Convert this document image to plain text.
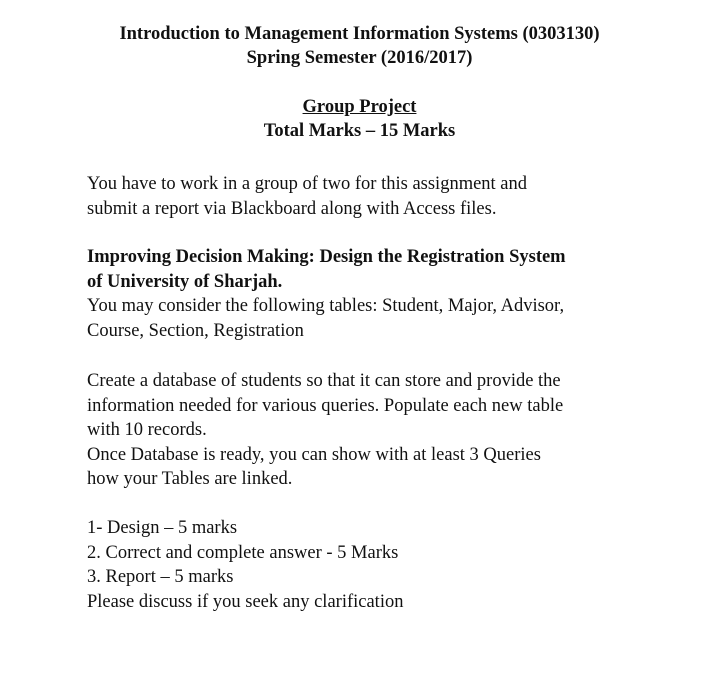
Introduction to Management Information Systems (0303130)
Spring Semester (2016/2017)
Group Project
Total Marks – 15 Marks
You have to work in a group of two for this assignment and
submit a report via Blackboard along with Access files.
Improving Decision Making: Design the Registration System
of University of Sharjah.
You may consider the following tables: Student, Major, Advisor,
Course, Section, Registration
Create a database of students so that it can store and provide the
information needed for various queries. Populate each new table
with 10 records.
Once Database is ready, you can show with at least 3 Queries
how your Tables are linked.
1- Design – 5 marks
2. Correct and complete answer - 5 Marks
3. Report – 5 marks
Please discuss if you seek any clarification
